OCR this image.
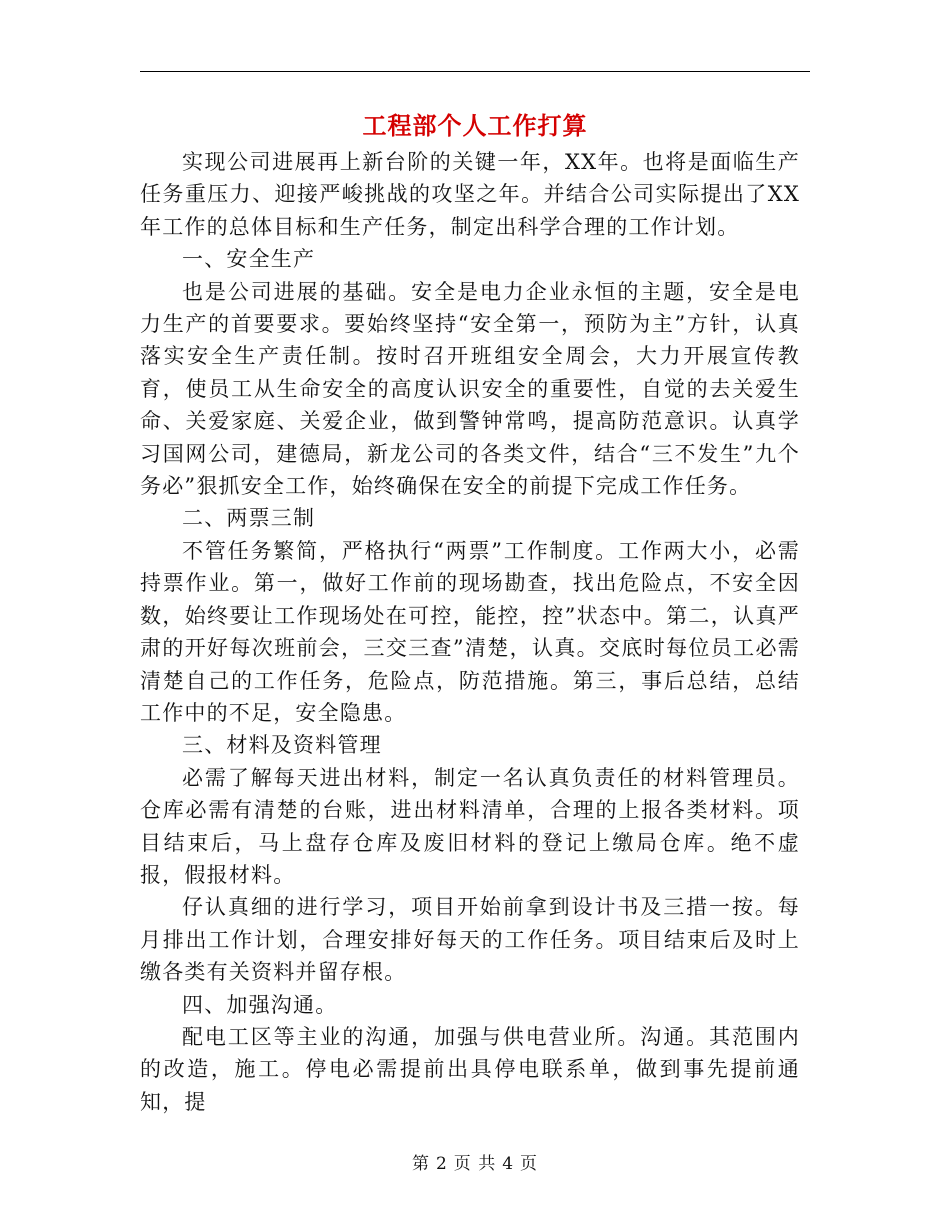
工程部个人工作打算

实现公司进展再上新台阶的关键一年，XX年。也将是面临生产任务重压力、迎接严峻挑战的攻坚之年。并结合公司实际提出了XX年工作的总体目标和生产任务，制定出科学合理的工作计划。

一、安全生产

也是公司进展的基础。安全是电力企业永恒的主题，安全是电力生产的首要要求。要始终坚持“安全第一，预防为主”方针，认真落实安全生产责任制。按时召开班组安全周会，大力开展宣传教育，使员工从生命安全的高度认识安全的重要性，自觉的去关爱生命、关爱家庭、关爱企业，做到警钟常鸣，提高防范意识。认真学习国网公司，建德局，新龙公司的各类文件，结合“三不发生”九个务必”狠抓安全工作，始终确保在安全的前提下完成工作任务。

二、两票三制

不管任务繁简，严格执行“两票”工作制度。工作两大小，必需持票作业。第一，做好工作前的现场勘查，找出危险点，不安全因数，始终要让工作现场处在可控，能控，控”状态中。第二，认真严肃的开好每次班前会，三交三查”清楚，认真。交底时每位员工必需清楚自己的工作任务，危险点，防范措施。第三，事后总结，总结工作中的不足，安全隐患。

三、材料及资料管理

必需了解每天进出材料，制定一名认真负责任的材料管理员。仓库必需有清楚的台账，进出材料清单，合理的上报各类材料。项目结束后，马上盘存仓库及废旧材料的登记上缴局仓库。绝不虚报，假报材料。

仔认真细的进行学习，项目开始前拿到设计书及三措一按。每月排出工作计划，合理安排好每天的工作任务。项目结束后及时上缴各类有关资料并留存根。

四、加强沟通。

配电工区等主业的沟通，加强与供电营业所。沟通。其范围内的改造，施工。停电必需提前出具停电联系单，做到事先提前通知，提

第 2 页 共 4 页
